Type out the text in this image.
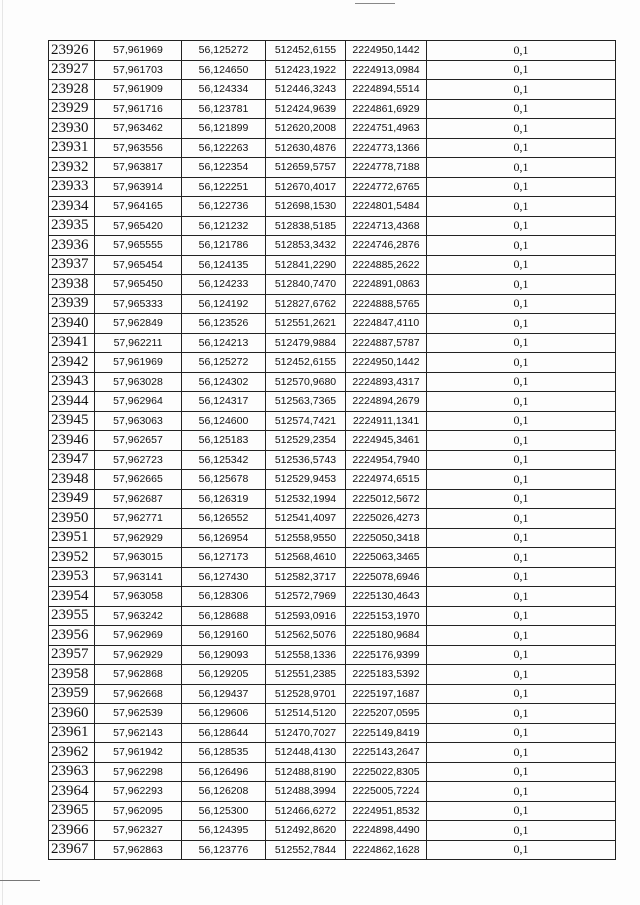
23926	57,961969	56,125272	512452,6155	2224950,1442	0,1
23927	57,961703	56,124650	512423,1922	2224913,0984	0,1
23928	57,961909	56,124334	512446,3243	2224894,5514	0,1
23929	57,961716	56,123781	512424,9639	2224861,6929	0,1
23930	57,963462	56,121899	512620,2008	2224751,4963	0,1
23931	57,963556	56,122263	512630,4876	2224773,1366	0,1
23932	57,963817	56,122354	512659,5757	2224778,7188	0,1
23933	57,963914	56,122251	512670,4017	2224772,6765	0,1
23934	57,964165	56,122736	512698,1530	2224801,5484	0,1
23935	57,965420	56,121232	512838,5185	2224713,4368	0,1
23936	57,965555	56,121786	512853,3432	2224746,2876	0,1
23937	57,965454	56,124135	512841,2290	2224885,2622	0,1
23938	57,965450	56,124233	512840,7470	2224891,0863	0,1
23939	57,965333	56,124192	512827,6762	2224888,5765	0,1
23940	57,962849	56,123526	512551,2621	2224847,4110	0,1
23941	57,962211	56,124213	512479,9884	2224887,5787	0,1
23942	57,961969	56,125272	512452,6155	2224950,1442	0,1
23943	57,963028	56,124302	512570,9680	2224893,4317	0,1
23944	57,962964	56,124317	512563,7365	2224894,2679	0,1
23945	57,963063	56,124600	512574,7421	2224911,1341	0,1
23946	57,962657	56,125183	512529,2354	2224945,3461	0,1
23947	57,962723	56,125342	512536,5743	2224954,7940	0,1
23948	57,962665	56,125678	512529,9453	2224974,6515	0,1
23949	57,962687	56,126319	512532,1994	2225012,5672	0,1
23950	57,962771	56,126552	512541,4097	2225026,4273	0,1
23951	57,962929	56,126954	512558,9550	2225050,3418	0,1
23952	57,963015	56,127173	512568,4610	2225063,3465	0,1
23953	57,963141	56,127430	512582,3717	2225078,6946	0,1
23954	57,963058	56,128306	512572,7969	2225130,4643	0,1
23955	57,963242	56,128688	512593,0916	2225153,1970	0,1
23956	57,962969	56,129160	512562,5076	2225180,9684	0,1
23957	57,962929	56,129093	512558,1336	2225176,9399	0,1
23958	57,962868	56,129205	512551,2385	2225183,5392	0,1
23959	57,962668	56,129437	512528,9701	2225197,1687	0,1
23960	57,962539	56,129606	512514,5120	2225207,0595	0,1
23961	57,962143	56,128644	512470,7027	2225149,8419	0,1
23962	57,961942	56,128535	512448,4130	2225143,2647	0,1
23963	57,962298	56,126496	512488,8190	2225022,8305	0,1
23964	57,962293	56,126208	512488,3994	2225005,7224	0,1
23965	57,962095	56,125300	512466,6272	2224951,8532	0,1
23966	57,962327	56,124395	512492,8620	2224898,4490	0,1
23967	57,962863	56,123776	512552,7844	2224862,1628	0,1
